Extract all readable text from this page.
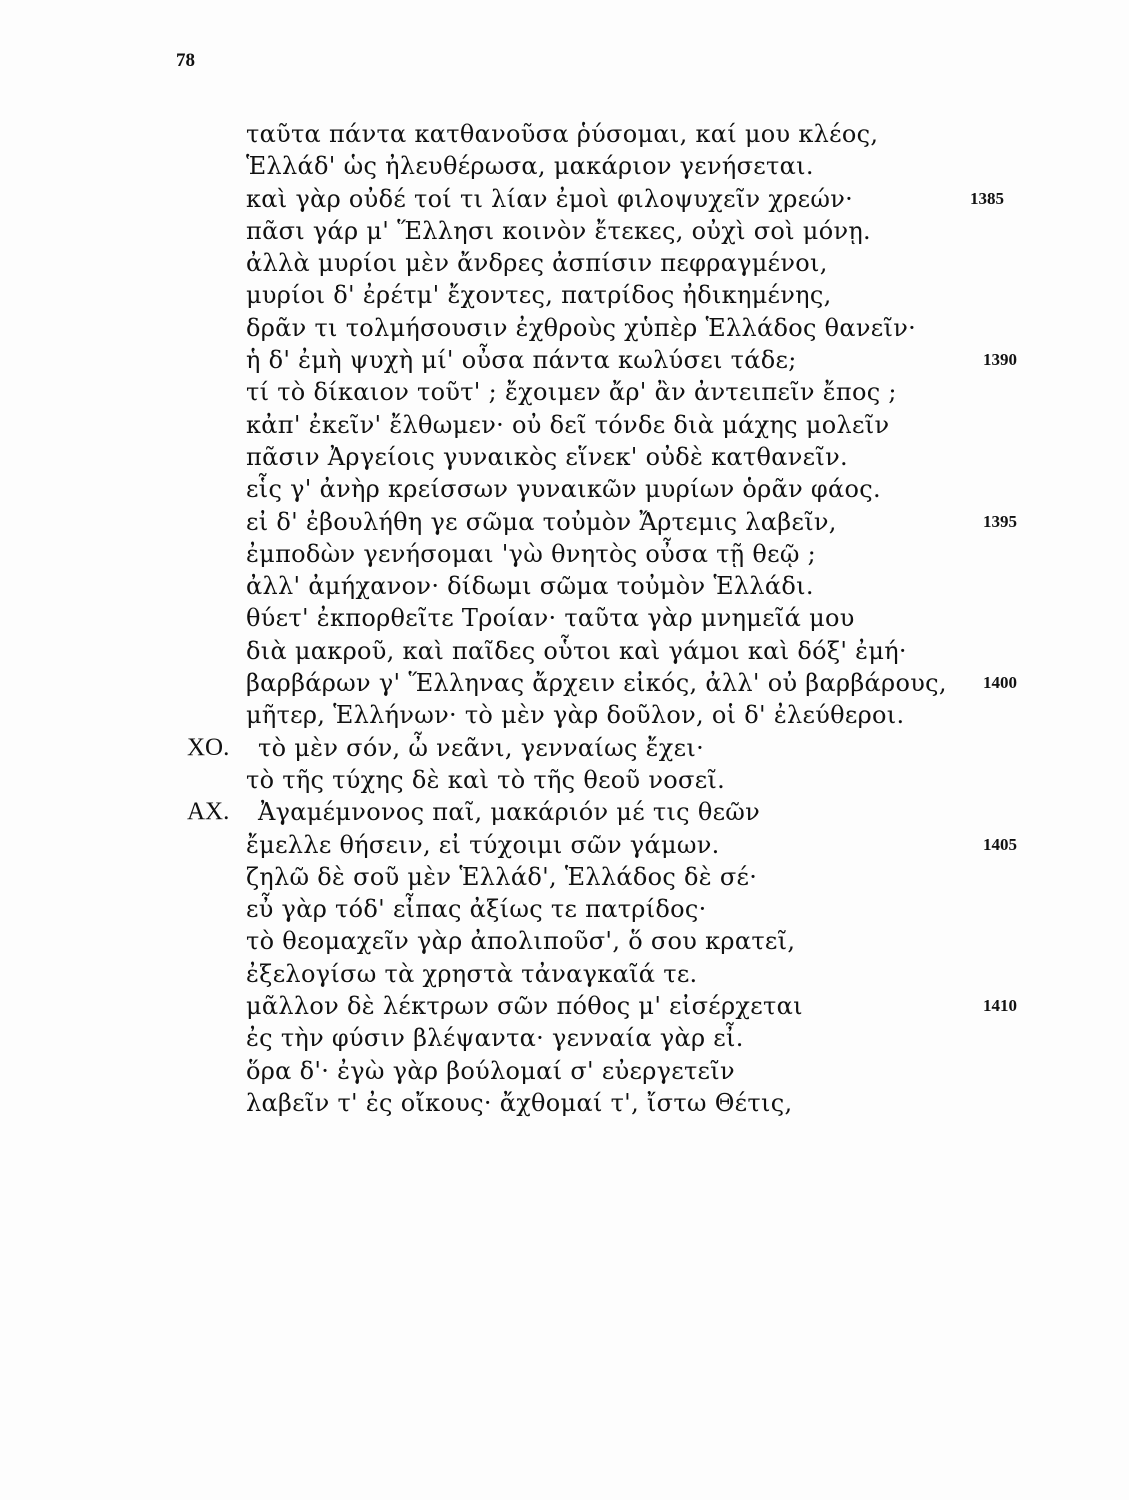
78
ταῦτα πάντα κατθανοῦσα ῥύσομαι, καί μου κλέος,
Ἑλλάδ' ὡς ἠλευθέρωσα, μακάριον γενήσεται.
καὶ γὰρ οὐδέ τοί τι λίαν ἐμοὶ φιλοψυχεῖν χρεών·	1385
πᾶσι γάρ μ' Ἕλλησι κοινὸν ἔτεκες, οὐχὶ σοὶ μόνῃ.
ἀλλὰ μυρίοι μὲν ἄνδρες ἀσπίσιν πεφραγμένοι,
μυρίοι δ' ἐρέτμ' ἔχοντες, πατρίδος ἠδικημένης,
δρᾶν τι τολμήσουσιν ἐχθροὺς χὑπὲρ Ἑλλάδος θανεῖν·
ἡ δ' ἐμὴ ψυχὴ μί' οὖσα πάντα κωλύσει τάδε;	1390
τί τὸ δίκαιον τοῦτ' ; ἔχοιμεν ἄρ' ἂν ἀντειπεῖν ἔπος ;
κἀπ' ἐκεῖν' ἔλθωμεν· οὐ δεῖ τόνδε διὰ μάχης μολεῖν
πᾶσιν Ἀργείοις γυναικὸς εἵνεκ' οὐδὲ κατθανεῖν.
εἷς γ' ἀνὴρ κρείσσων γυναικῶν μυρίων ὁρᾶν φάος.
εἰ δ' ἐβουλήθη γε σῶμα τοὐμὸν Ἄρτεμις λαβεῖν,	1395
ἐμποδὼν γενήσομαι 'γὼ θνητὸς οὖσα τῇ θεῷ ;
ἀλλ' ἀμήχανον· δίδωμι σῶμα τοὐμὸν Ἑλλάδι.
θύετ' ἐκπορθεῖτε Τροίαν· ταῦτα γὰρ μνημεῖά μου
διὰ μακροῦ, καὶ παῖδες οὗτοι καὶ γάμοι καὶ δόξ' ἐμή·
βαρβάρων γ' Ἕλληνας ἄρχειν εἰκός, ἀλλ' οὐ βαρβάρους, 1400
μῆτερ, Ἑλλήνων· τὸ μὲν γὰρ δοῦλον, οἱ δ' ἐλεύθεροι.
ΧΟ. τὸ μὲν σόν, ὦ νεᾶνι, γενναίως ἔχει·
τὸ τῆς τύχης δὲ καὶ τὸ τῆς θεοῦ νοσεῖ.
ΑΧ. Ἀγαμέμνονος παῖ, μακάριόν μέ τις θεῶν
ἔμελλε θήσειν, εἰ τύχοιμι σῶν γάμων.	1405
ζηλῶ δὲ σοῦ μὲν Ἑλλάδ', Ἑλλάδος δὲ σέ·
εὖ γὰρ τόδ' εἶπας ἀξίως τε πατρίδος·
τὸ θεομαχεῖν γὰρ ἀπολιποῦσ', ὅ σου κρατεῖ,
ἐξελογίσω τὰ χρηστὰ τἀναγκαῖά τε.
μᾶλλον δὲ λέκτρων σῶν πόθος μ' εἰσέρχεται	1410
ἐς τὴν φύσιν βλέψαντα· γενναία γὰρ εἶ.
ὅρα δ'· ἐγὼ γὰρ βούλομαί σ' εὐεργετεῖν
λαβεῖν τ' ἐς οἴκους· ἄχθομαί τ', ἴστω Θέτις,
